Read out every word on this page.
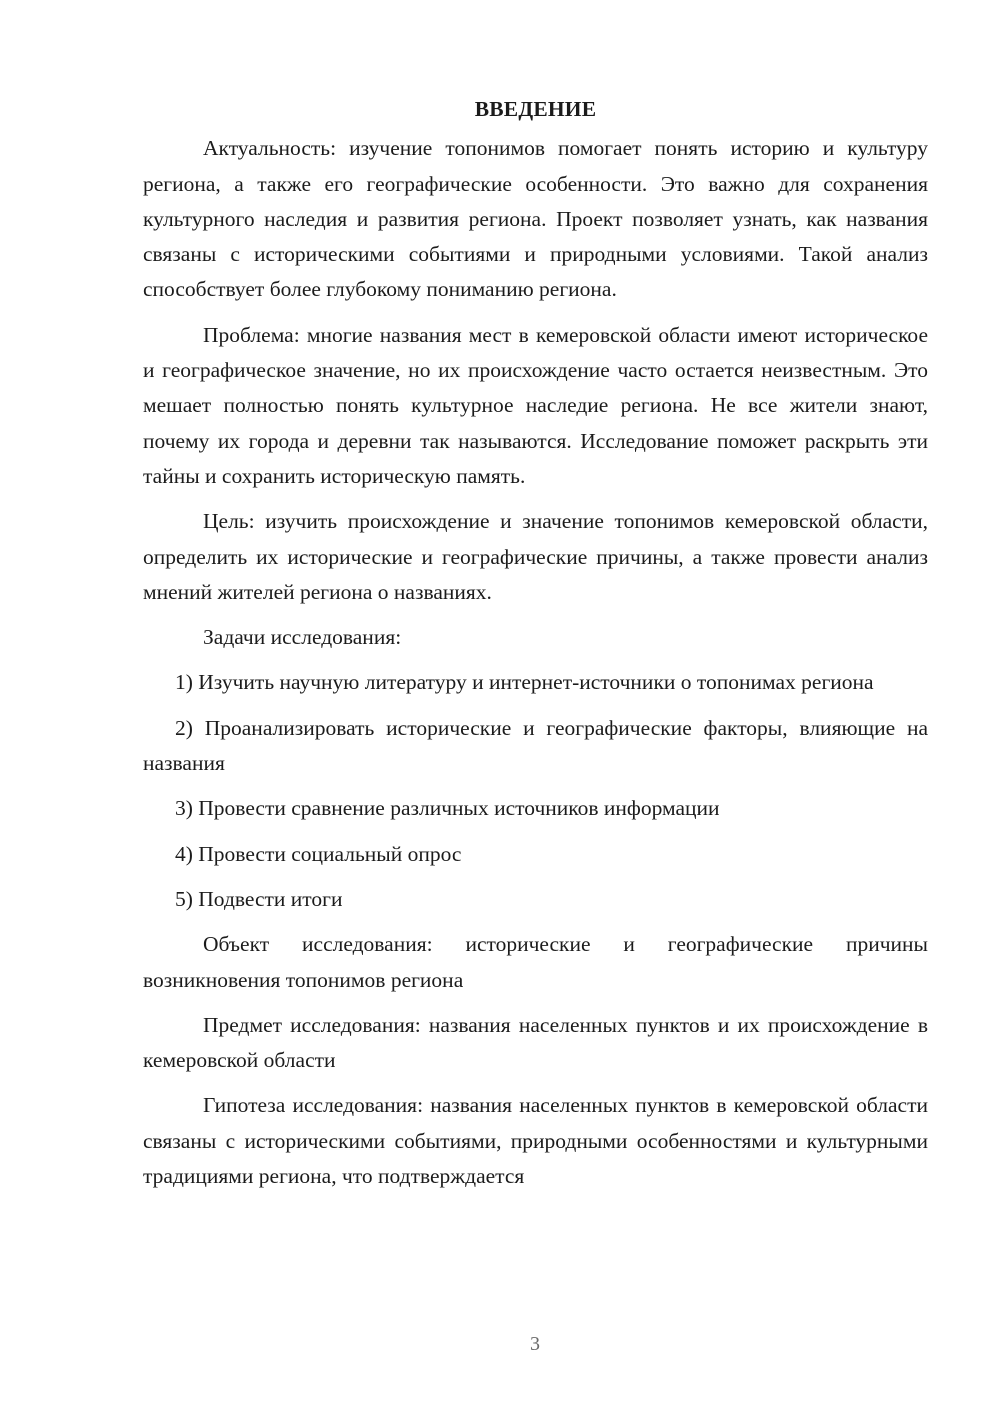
ВВЕДЕНИЕ

Актуальность: изучение топонимов помогает понять историю и культуру региона, а также его географические особенности. Это важно для сохранения культурного наследия и развития региона. Проект позволяет узнать, как названия связаны с историческими событиями и природными условиями. Такой анализ способствует более глубокому пониманию региона.

Проблема: многие названия мест в кемеровской области имеют историческое и географическое значение, но их происхождение часто остается неизвестным. Это мешает полностью понять культурное наследие региона. Не все жители знают, почему их города и деревни так называются. Исследование поможет раскрыть эти тайны и сохранить историческую память.

Цель: изучить происхождение и значение топонимов кемеровской области, определить их исторические и географические причины, а также провести анализ мнений жителей региона о названиях.

Задачи исследования:

1) Изучить научную литературу и интернет-источники о топонимах региона

2) Проанализировать исторические и географические факторы, влияющие на названия

3) Провести сравнение различных источников информации

4) Провести социальный опрос

5) Подвести итоги

Объект исследования: исторические и географические причины возникновения топонимов региона

Предмет исследования: названия населенных пунктов и их происхождение в кемеровской области

Гипотеза исследования: названия населенных пунктов в кемеровской области связаны с историческими событиями, природными особенностями и культурными традициями региона, что подтверждается

3
